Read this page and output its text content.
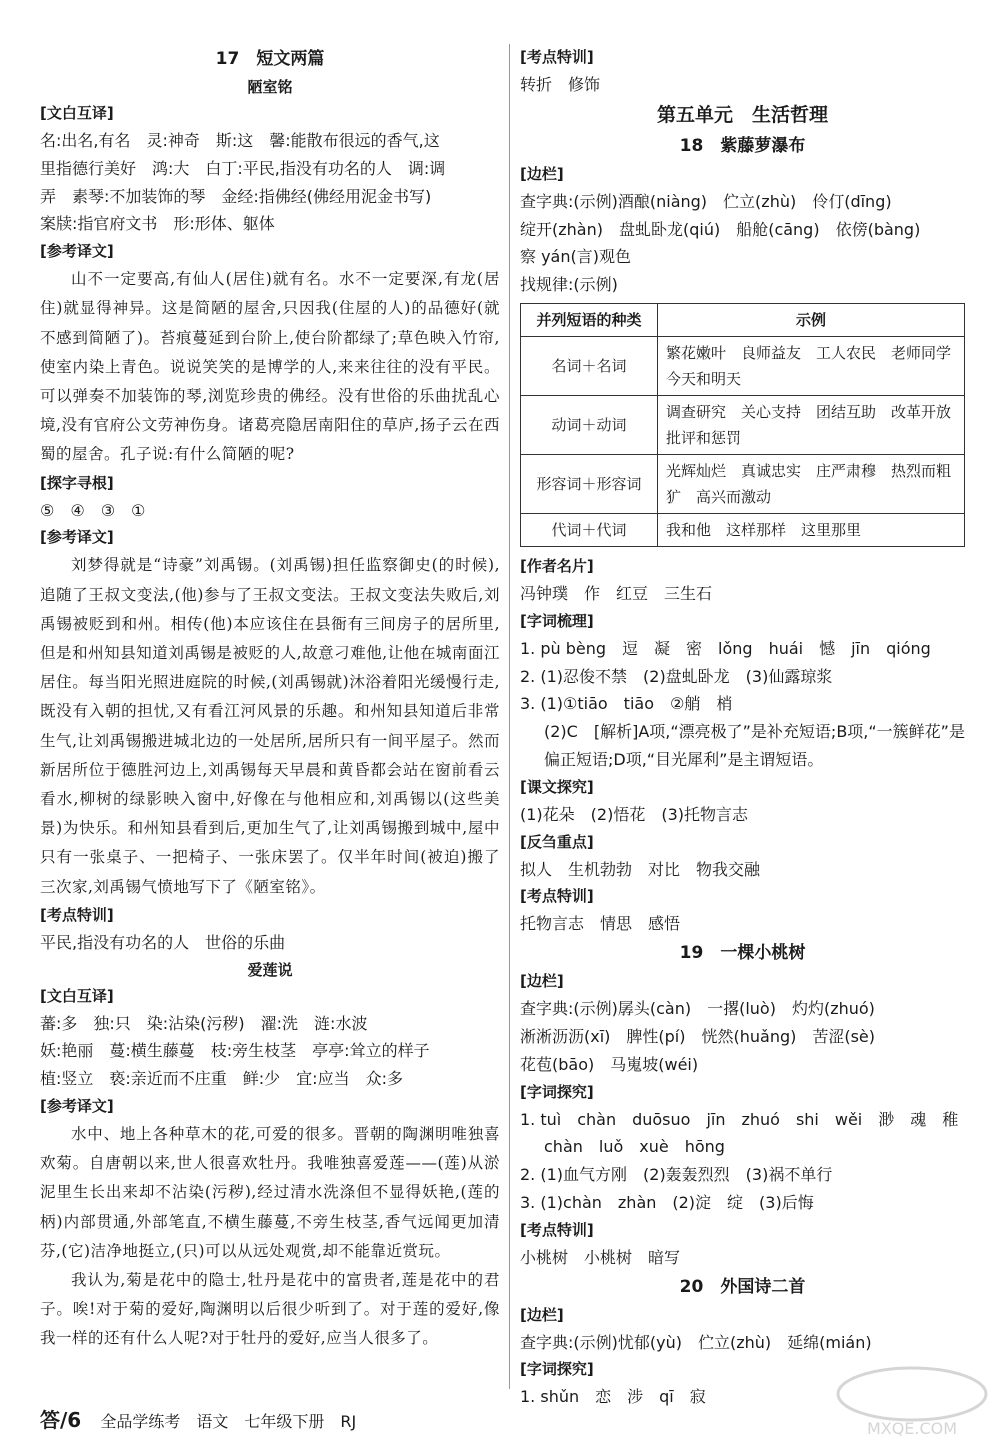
17　短文两篇
陋室铭
[文白互译]
名:出名,有名　灵:神奇　斯:这　馨:能散布很远的香气,这
里指德行美好　鸿:大　白丁:平民,指没有功名的人　调:调
弄　素琴:不加装饰的琴　金经:指佛经(佛经用泥金书写)
案牍:指官府文书　形:形体、躯体
[参考译文]
山不一定要高,有仙人(居住)就有名。水不一定要深,有龙(居住)就显得神异。这是简陋的屋舍,只因我(住屋的人)的品德好(就不感到简陋了)。苔痕蔓延到台阶上,使台阶都绿了;草色映入竹帘,使室内染上青色。说说笑笑的是博学的人,来来往往的没有平民。可以弹奏不加装饰的琴,浏览珍贵的佛经。没有世俗的乐曲扰乱心境,没有官府公文劳神伤身。诸葛亮隐居南阳住的草庐,扬子云在西蜀的屋舍。孔子说:有什么简陋的呢?
[探字寻根]
⑤　④　③　①
[参考译文]
刘梦得就是“诗豪”刘禹锡。(刘禹锡)担任监察御史(的时候),追随了王叔文变法,(他)参与了王叔文变法。王叔文变法失败后,刘禹锡被贬到和州。相传(他)本应该住在县衙有三间房子的居所里,但是和州知县知道刘禹锡是被贬的人,故意刁难他,让他在城南面江居住。每当阳光照进庭院的时候,(刘禹锡就)沐浴着阳光缓慢行走,既没有入朝的担忧,又有看江河风景的乐趣。和州知县知道后非常生气,让刘禹锡搬进城北边的一处居所,居所只有一间平屋子。然而新居所位于德胜河边上,刘禹锡每天早晨和黄昏都会站在窗前看云看水,柳树的绿影映入窗中,好像在与他相应和,刘禹锡以(这些美景)为快乐。和州知县看到后,更加生气了,让刘禹锡搬到城中,屋中只有一张桌子、一把椅子、一张床罢了。仅半年时间(被迫)搬了三次家,刘禹锡气愤地写下了《陋室铭》。
[考点特训]
平民,指没有功名的人　世俗的乐曲
爱莲说
[文白互译]
蕃:多　独:只　染:沾染(污秽)　濯:洗　涟:水波
妖:艳丽　蔓:横生藤蔓　枝:旁生枝茎　亭亭:耸立的样子
植:竖立　亵:亲近而不庄重　鲜:少　宜:应当　众:多
[参考译文]
水中、地上各种草木的花,可爱的很多。晋朝的陶渊明唯独喜欢菊。自唐朝以来,世人很喜欢牡丹。我唯独喜爱莲——(莲)从淤泥里生长出来却不沾染(污秽),经过清水洗涤但不显得妖艳,(莲的柄)内部贯通,外部笔直,不横生藤蔓,不旁生枝茎,香气远闻更加清芬,(它)洁净地挺立,(只)可以从远处观赏,却不能靠近赏玩。
我认为,菊是花中的隐士,牡丹是花中的富贵者,莲是花中的君子。唉!对于菊的爱好,陶渊明以后很少听到了。对于莲的爱好,像我一样的还有什么人呢?对于牡丹的爱好,应当人很多了。
[考点特训]
转折　修饰
第五单元　生活哲理
18　紫藤萝瀑布
[边栏]
查字典:(示例)酒酿(niàng)　伫立(zhù)　伶仃(dīng)
绽开(zhàn)　盘虬卧龙(qiú)　船舱(cāng)　依傍(bàng)
察 yán(言)观色
找规律:(示例)
并列短语的种类	示例
名词＋名词	繁花嫩叶　良师益友　工人农民　老师同学　今天和明天
动词＋动词	调查研究　关心支持　团结互助　改革开放　批评和惩罚
形容词＋形容词	光辉灿烂　真诚忠实　庄严肃穆　热烈而粗犷　高兴而激动
代词＋代词	我和他　这样那样　这里那里
[作者名片]
冯钟璞　作　红豆　三生石
[字词梳理]
1. pù bèng　逗　凝　密　lǒng　huái　憾　jīn　qióng
2. (1)忍俊不禁　(2)盘虬卧龙　(3)仙露琼浆
3. (1)①tiāo　tiāo　②艄　梢
(2)C　[解析]A项,“漂亮极了”是补充短语;B项,“一簇鲜花”是偏正短语;D项,“目光犀利”是主谓短语。
[课文探究]
(1)花朵　(2)悟花　(3)托物言志
[反刍重点]
拟人　生机勃勃　对比　物我交融
[考点特训]
托物言志　情思　感悟
19　一棵小桃树
[边栏]
查字典:(示例)孱头(càn)　一撂(luò)　灼灼(zhuó)
淅淅沥沥(xī)　脾性(pí)　恍然(huǎng)　苦涩(sè)
花苞(bāo)　马嵬坡(wéi)
[字词探究]
1. tuì　chàn　duōsuo　jīn　zhuó　shi　wěi　渺　魂　稚
chàn　luǒ　xuè　hōng
2. (1)血气方刚　(2)轰轰烈烈　(3)祸不单行
3. (1)chàn　zhàn　(2)淀　绽　(3)后悔
[考点特训]
小桃树　小桃树　暗写
20　外国诗二首
[边栏]
查字典:(示例)忧郁(yù)　伫立(zhù)　延绵(mián)
[字词探究]
1. shǔn　恋　涉　qī　寂
答/6 全品学练考　语文　七年级下册　RJ	MXQE.COM
